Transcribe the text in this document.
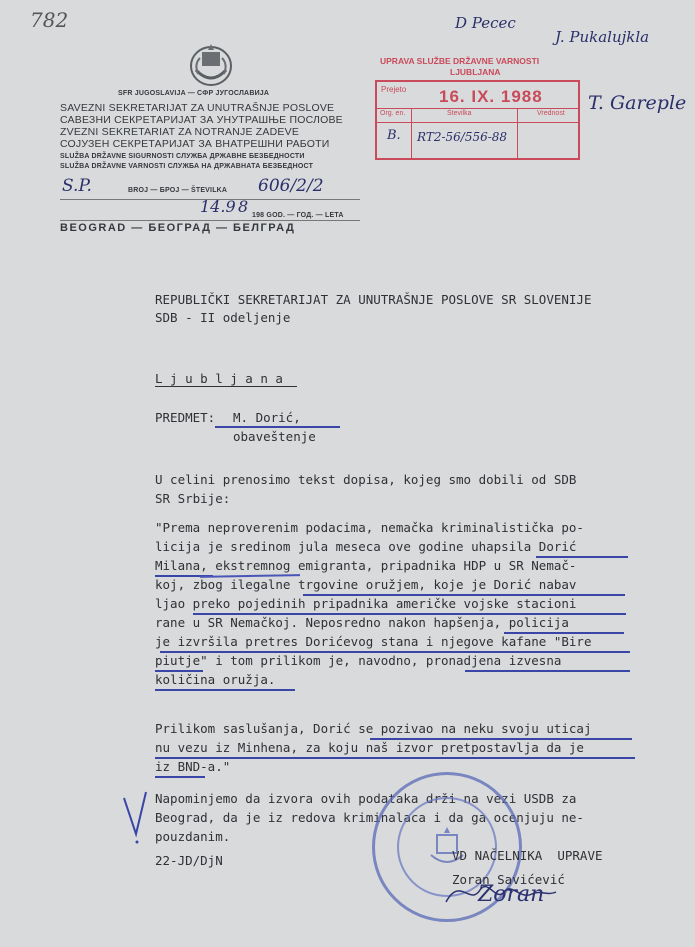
782	D Pecec
J. Pukalujkla
T. Gareple
SFR JUGOSLAVIJA — СФР ЈУГОСЛАВИЈА
SAVEZNI SEKRETARIJAT ZA UNUTRAŠNJE POSLOVE
САВЕЗНИ СЕКРЕТАРИЈАТ ЗА УНУТРАШЊЕ ПОСЛОВЕ
ZVEZNI SEKRETARIAT ZA NOTRANJE ZADEVE
СОЈУЗЕН СЕКРЕТАРИЈАТ ЗА ВНАТРЕШНИ РАБОТИ
SLUŽBA DRŽAVNE SIGURNOSTI СЛУЖБА ДРЖАВНЕ БЕЗБЕДНОСТИ
SLUŽBA DRŽAVNE VARNOSTI СЛУЖБА НА ДРЖАВНАТА БЕЗБЕДНОСТ
S.P.	BROJ — БРОЈ — ŠTEVILKA 606/2/2
14.9 8 198 GOD. — ГОД. — LETA
BEOGRAD — БЕОГРАД — БЕЛГРАД
UPRAVA SLUŽBE DRŽAVNE VARNOSTI
LJUBLJANA
Prejeto 16. IX. 1988
Org. en.	Številka	Vrednost
B. RT2-56/556-88
REPUBLIČKI SEKRETARIJAT ZA UNUTRAŠNJE POSLOVE SR SLOVENIJE
SDB - II odeljenje
L j u b l j a n a
PREDMET: M. Dorić,
obaveštenje
U celini prenosimo tekst dopisa, kojeg smo dobili od SDB
SR Srbije:
"Prema neproverenim podacima, nemačka kriminalistička po-
licija je sredinom jula meseca ove godine uhapsila Dorić
Milana, ekstremnog emigranta, pripadnika HDP u SR Nemač-
koj, zbog ilegalne trgovine oružjem, koje je Dorić nabav
ljao preko pojedinih pripadnika američke vojske stacioni
rane u SR Nemačkoj. Neposredno nakon hapšenja, policija
je izvršila pretres Dorićevog stana i njegove kafane "Bire
piutje" i tom prilikom je, navodno, pronadjena izvesna
količina oružja.
Prilikom saslušanja, Dorić se pozivao na neku svoju uticaj
nu vezu iz Minhena, za koju naš izvor pretpostavlja da je
iz BND-a."
Napominjemo da izvora ovih podataka drži na vezi USDB za
Beograd, da je iz redova kriminalaca i da ga ocenjuju ne-
pouzdanim.
22-JD/DjN	VD NAČELNIKA  UPRAVE
Zoran Savićević
Zoran
